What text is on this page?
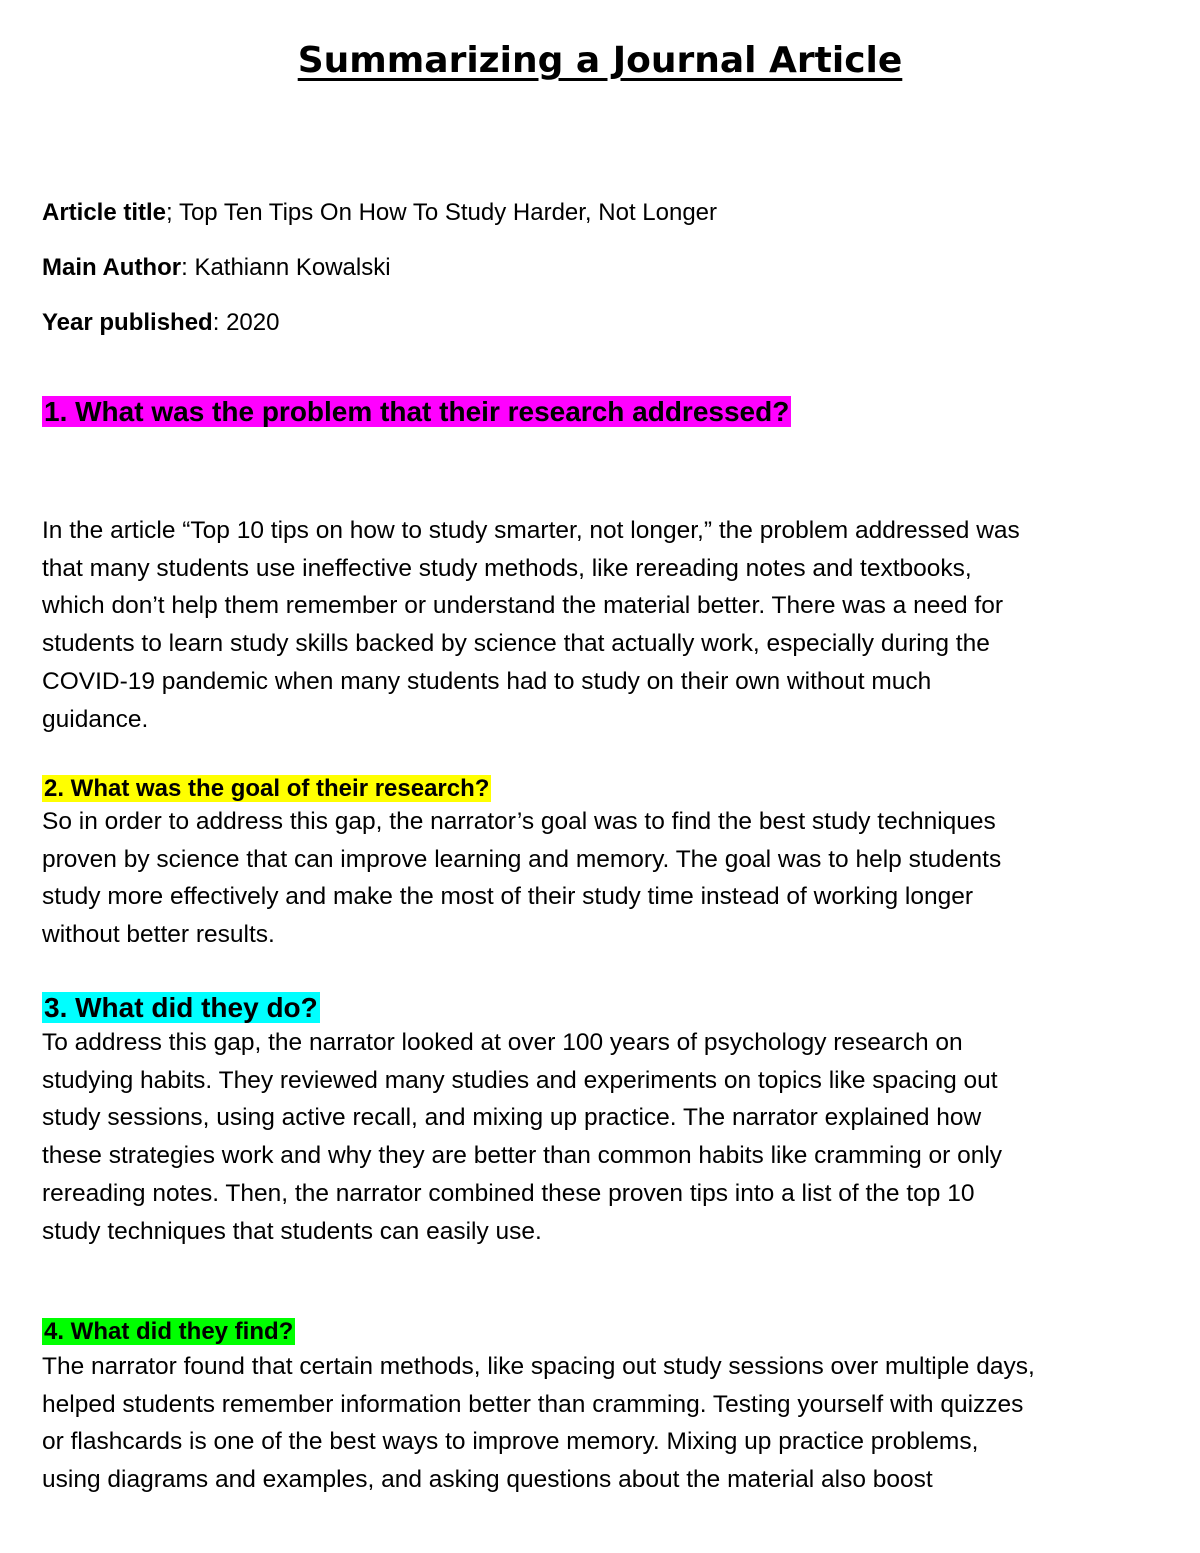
Summarizing a Journal Article
Article title; Top Ten Tips On How To Study Harder, Not Longer
Main Author: Kathiann Kowalski
Year published: 2020
1. What was the problem that their research addressed?
In the article “Top 10 tips on how to study smarter, not longer,” the problem addressed was
that many students use ineffective study methods, like rereading notes and textbooks,
which don’t help them remember or understand the material better. There was a need for
students to learn study skills backed by science that actually work, especially during the
COVID-19 pandemic when many students had to study on their own without much
guidance.
2. What was the goal of their research?
So in order to address this gap, the narrator’s goal was to find the best study techniques
proven by science that can improve learning and memory. The goal was to help students
study more effectively and make the most of their study time instead of working longer
without better results.
3. What did they do?
To address this gap, the narrator looked at over 100 years of psychology research on
studying habits. They reviewed many studies and experiments on topics like spacing out
study sessions, using active recall, and mixing up practice. The narrator explained how
these strategies work and why they are better than common habits like cramming or only
rereading notes. Then, the narrator combined these proven tips into a list of the top 10
study techniques that students can easily use.
4. What did they find?
The narrator found that certain methods, like spacing out study sessions over multiple days,
helped students remember information better than cramming. Testing yourself with quizzes
or flashcards is one of the best ways to improve memory. Mixing up practice problems,
using diagrams and examples, and asking questions about the material also boost
